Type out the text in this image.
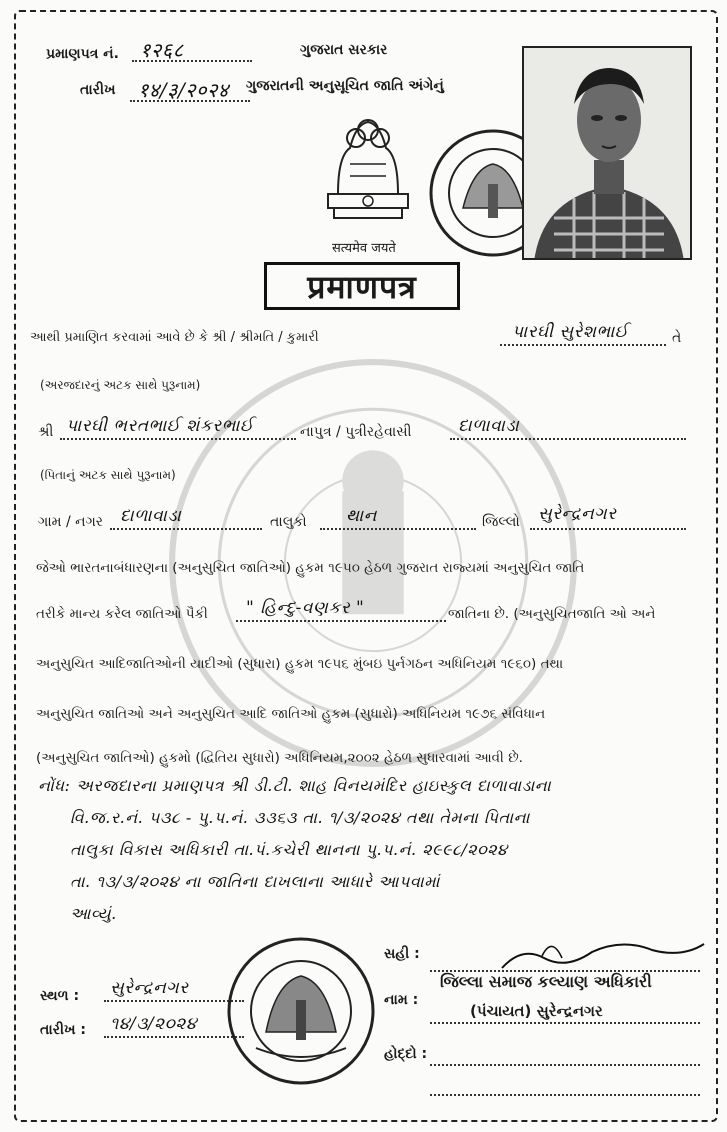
પ્રમાણપત્ર નં. १२६८	ગુજરાત સરકાર
તારીખ १४/३/२०२४ ગુજરાતની અનુસૂચિત જાતિ અંગેનું
सत्यमेव जयते
प्रमाणपत्र
આથી પ્રમાણિત કરવામાં આવે છે કે શ્રી / શ્રીમતિ / કુમારી	પારઘી સુરેશભાઈ	તે
(અરજદારનું અટક સાથે પુરૂનામ)
શ્રી પારઘી ભરતભાઈ શંકરભાઈ	નાપુત્ર / પુત્રીરહેવાસી	દાળાવાડા
(પિતાનું અટક સાથે પુરૂનામ)
ગામ / નગર દાળાવાડા	તાલુકો થાન	જિલ્લો સુરેન્દ્રનગર
જેઓ ભારતનાબંધારણના (અનુસુચિત જાતિઓ) હુકમ ૧૯૫૦ હેઠળ ગુજરાત રાજ્યમાં અનુસુચિત જાતિ
તરીકે માન્ય કરેલ જાતિઓ પૈકી " હિન્દુ-વણકર "	જાતિના છે. (અનુસુચિતજાતિ ઓ અને
અનુસુચિત આદિજાતિઓની યાદીઓ (સુધારા) હુકમ ૧૯૫૬ મુંબઇ પુર્નગઠન અધિનિયમ ૧૯૬૦) તથા
અનુસુચિત જાતિઓ અને અનુસુચિત આદિ જાતિઓ હુકમ (સુધારો) અધિનિયમ ૧૯૭૬ સંવિધાન
(અનુસુચિત જાતિઓ) હુકમો (દ્વિતિય સુધારો) અધિનિયમ,૨૦૦૨ હેઠળ સુધારવામાં આવી છે.
નોંધ: અરજદારના પ્રમાણપત્ર શ્રી ડી.ટી. શાહ વિનયમંદિર હાઇસ્કુલ દાળાવાડાના
વિ.જ.ર.નં. ૫૩૮ - પુ.પ.નં. ૩૩૬૩ તા. ૧/૩/૨૦૨૪ તથા તેમના પિતાના
તાલુકા વિકાસ અધિકારી તા.પં.કચેરી થાનના પુ.પ.નં. ૨૯૯૮/૨૦૨૪
તા. ૧૩/૩/૨૦૨૪ ના જાતિના દાખલાના આધારે આપવામાં
આવ્યું.
સ્થળ : સુરેન્દ્રનગર
તારીખ : ૧૪/૩/૨૦૨૪
સહી :
નામ :
જિલ્લા સમાજ કલ્યાણ અધિકારી
(પંચાયત) સુરેન્દ્રનગર
હોદ્દો :
